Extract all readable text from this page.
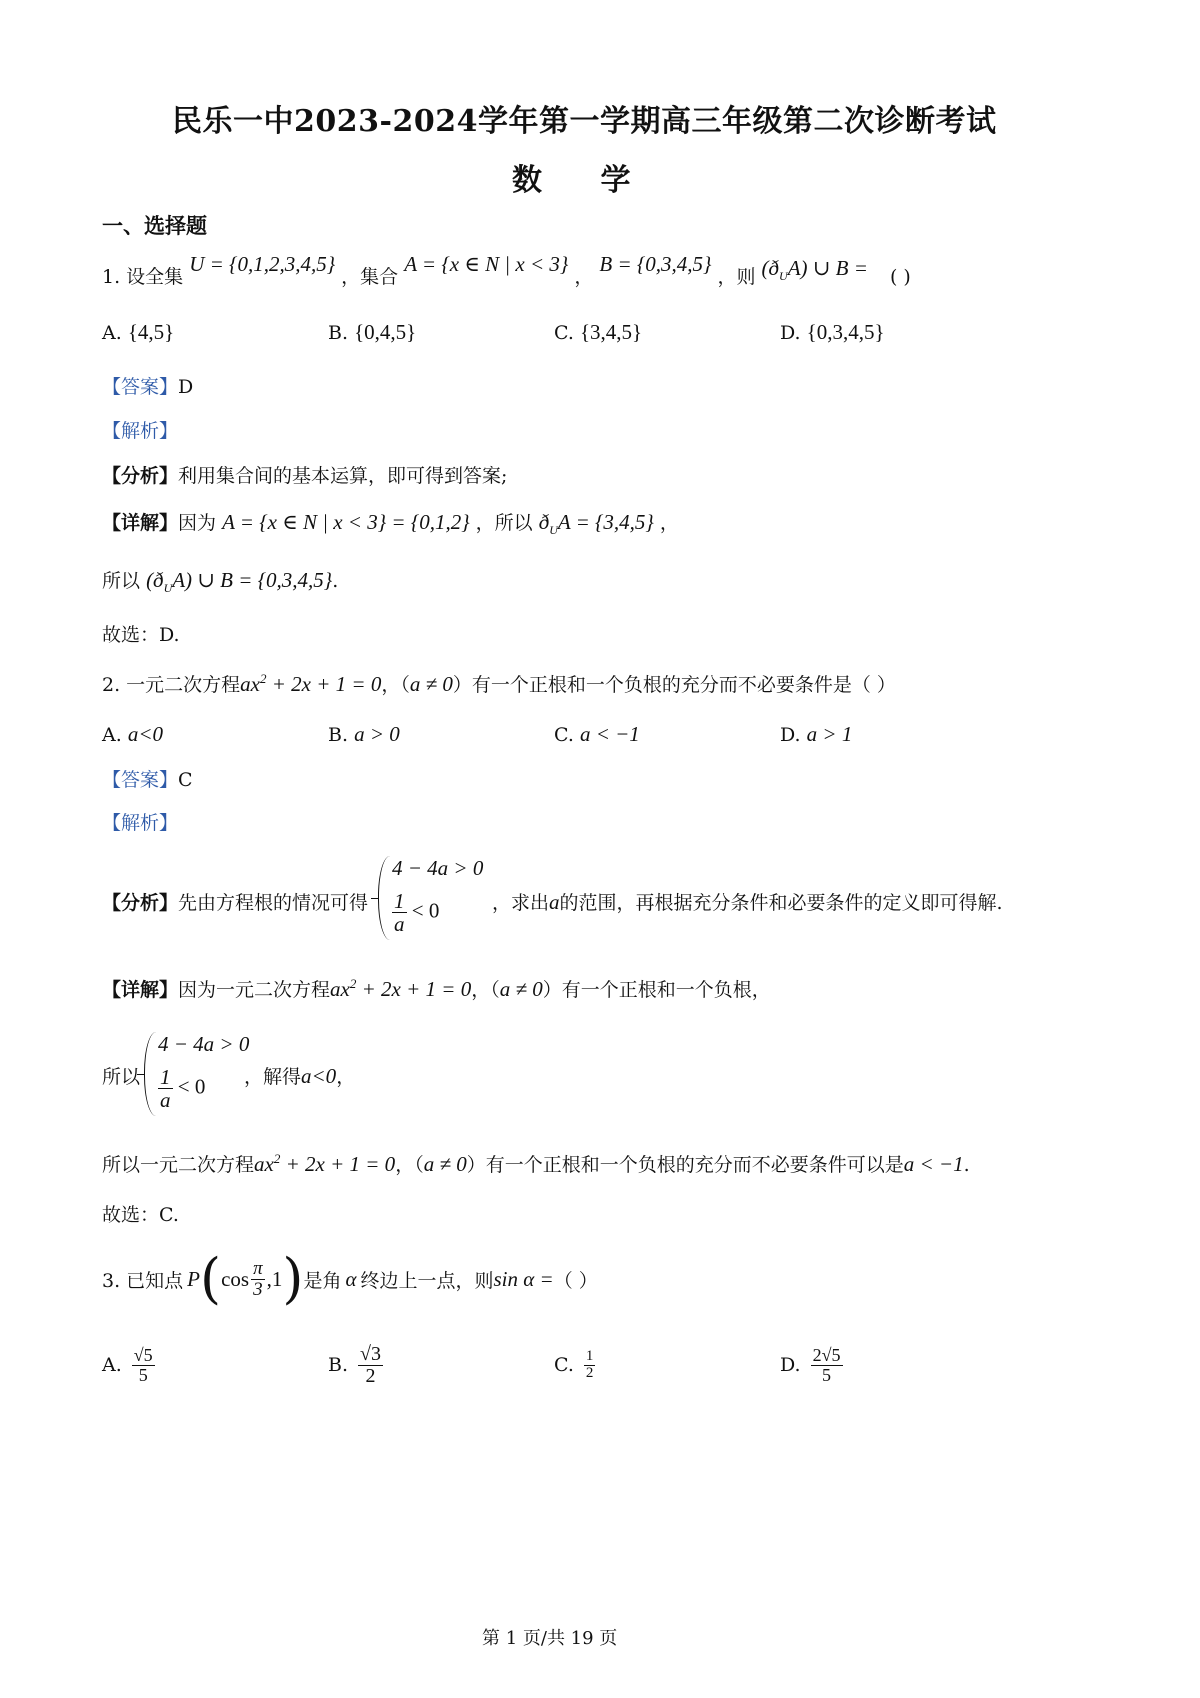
民乐一中2023-2024学年第一学期高三年级第二次诊断考试
数 学
一、选择题
1. 设全集 U = {0,1,2,3,4,5} ，集合 A = {x ∈ N | x < 3} ， B = {0,3,4,5} ，则 $(ð_UA)$ ∪ B = ( )
A. {4,5}	B. {0,4,5}	C. {3,4,5}	D. {0,3,4,5}
【答案】D
【解析】
【分析】利用集合间的基本运算，即可得到答案;
【详解】因为 A = {x ∈ N | x < 3} = {0,1,2} ，所以 $ð_UA = \{3,4,5\}$ ，
所以 $(ð_UA)$ ∪ B = {0,3,4,5}.
故选：D.
2. 一元二次方程$ax^2 + 2x + 1 = 0$，（a ≠ 0）有一个正根和一个负根的充分而不必要条件是（ ）
A. a<0	B. a > 0	C. a < −1	D. a > 1
【答案】C
【解析】
【分析】先由方程根的情况可得
4 − 4a > 0
$\frac{1}{a} < 0$	，求出a的范围，再根据充分条件和必要条件的定义即可得解.
【详解】因为一元二次方程$ax^2 + 2x + 1 = 0$，（a ≠ 0）有一个正根和一个负根，
所以
4 − 4a > 0
$\frac{1}{a} < 0$ ，解得a<0，
所以一元二次方程$ax^2 + 2x + 1 = 0$，（a ≠ 0）有一个正根和一个负根的充分而不必要条件可以是a < −1.
故选：C.
3. 已知点 P ( $\cos \frac{\pi}{3} ,1$ ) 是角 α 终边上一点，则 sin α = （ ）
A. $\frac{√5}{5}$	B. $\frac{√3}{2}$	C. $\frac{1}{2}$	D. $\frac{2√5}{5}$
第 1 页/共 19 页
